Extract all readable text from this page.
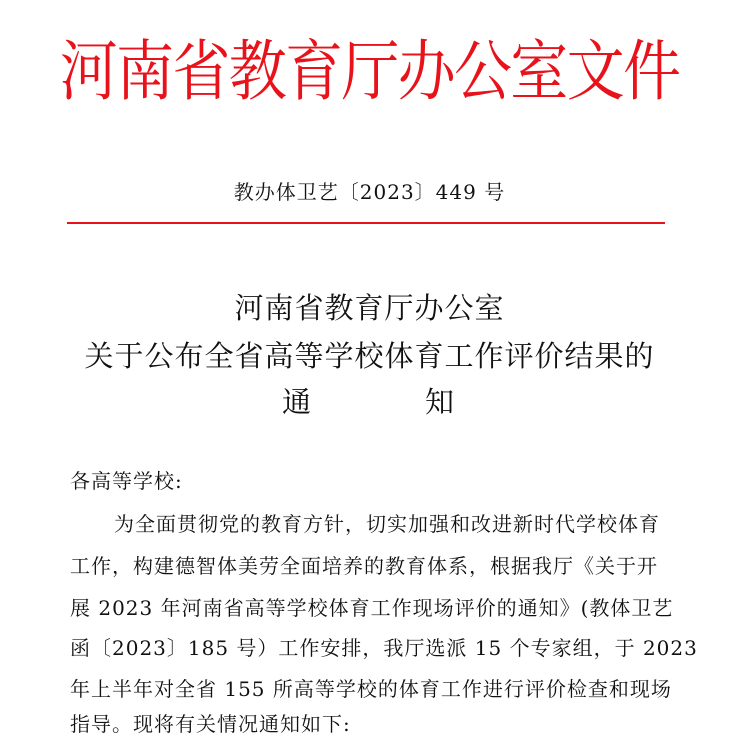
河南省教育厅办公室文件
教办体卫艺〔2023〕449 号
河南省教育厅办公室
关于公布全省高等学校体育工作评价结果的
通	知
各高等学校:
为全面贯彻党的教育方针，切实加强和改进新时代学校体育
工作，构建德智体美劳全面培养的教育体系，根据我厅《关于开
展 2023 年河南省高等学校体育工作现场评价的通知》(教体卫艺
函〔2023〕185 号）工作安排，我厅选派 15 个专家组，于 2023
年上半年对全省 155 所高等学校的体育工作进行评价检查和现场
指导。现将有关情况通知如下:
